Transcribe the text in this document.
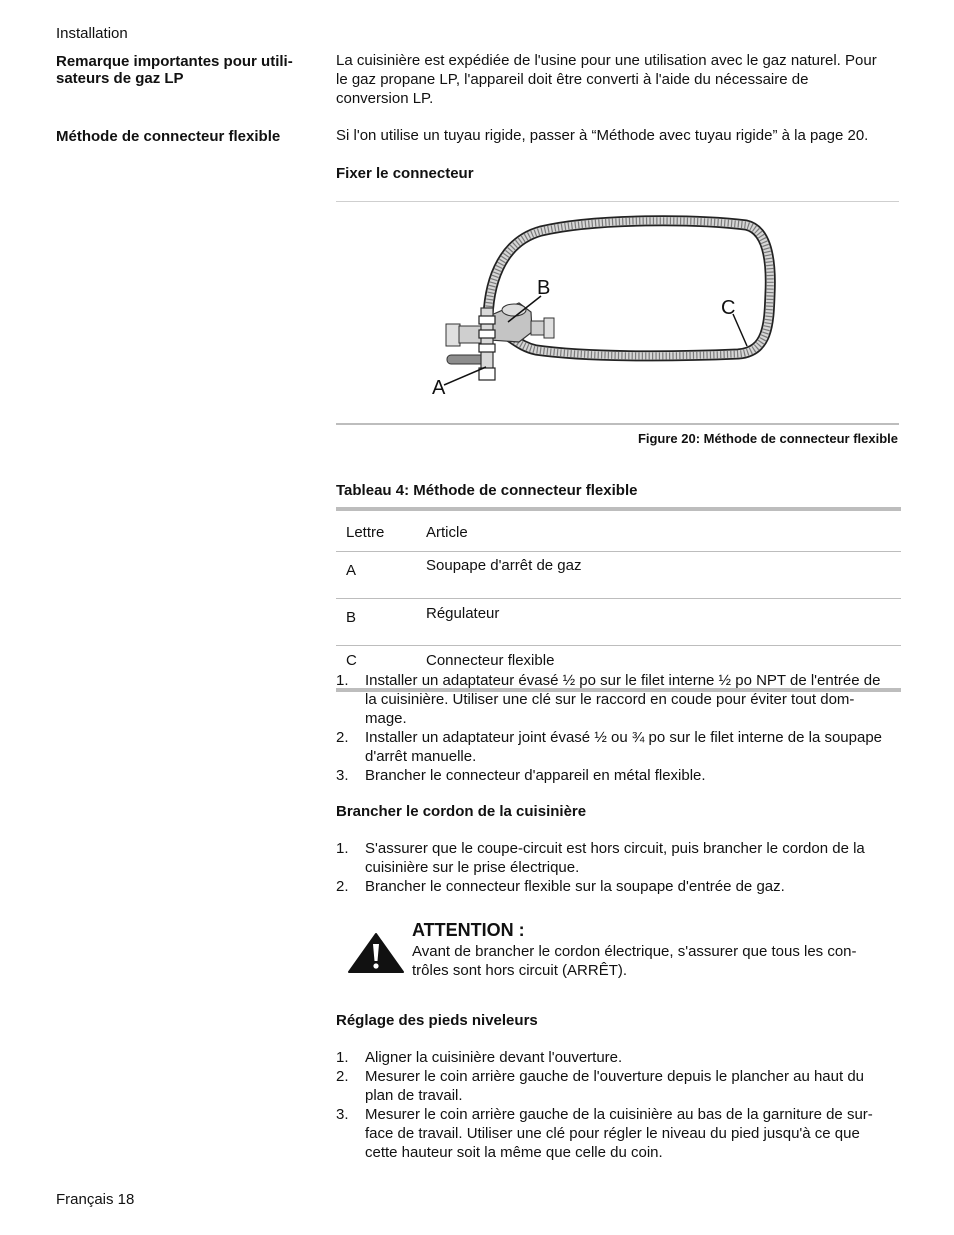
Installation
Remarque importantes pour utili-
sateurs de gaz LP
La cuisinière est expédiée de l'usine pour une utilisation avec le gaz naturel. Pour
le gaz propane LP, l'appareil doit être converti à l'aide du nécessaire de
conversion LP.
Méthode de connecteur flexible	Si l'on utilise un tuyau rigide, passer à “Méthode avec tuyau rigide” à la page 20.
Fixer le connecteur
A
B
C
Figure 20: Méthode de connecteur flexible
Tableau 4: Méthode de connecteur flexible
Lettre	Article
A	Soupape d'arrêt de gaz
B	Régulateur
C	Connecteur flexible
1. Installer un adaptateur évasé ½ po sur le filet interne ½ po NPT de l'entrée de
la cuisinière. Utiliser une clé sur le raccord en coude pour éviter tout dom-
mage.
2. Installer un adaptateur joint évasé ½ ou ¾ po sur le filet interne de la soupape
d'arrêt manuelle.
3. Brancher le connecteur d'appareil en métal flexible.
Brancher le cordon de la cuisinière
1. S'assurer que le coupe-circuit est hors circuit, puis brancher le cordon de la
cuisinière sur le prise électrique.
2. Brancher le connecteur flexible sur la soupape d'entrée de gaz.
ATTENTION :
Avant de brancher le cordon électrique, s'assurer que tous les con-
trôles sont hors circuit (ARRÊT).
Réglage des pieds niveleurs
1. Aligner la cuisinière devant l'ouverture.
2. Mesurer le coin arrière gauche de l'ouverture depuis le plancher au haut du
plan de travail.
3. Mesurer le coin arrière gauche de la cuisinière au bas de la garniture de sur-
face de travail. Utiliser une clé pour régler le niveau du pied jusqu'à ce que
cette hauteur soit la même que celle du coin.
Français 18
